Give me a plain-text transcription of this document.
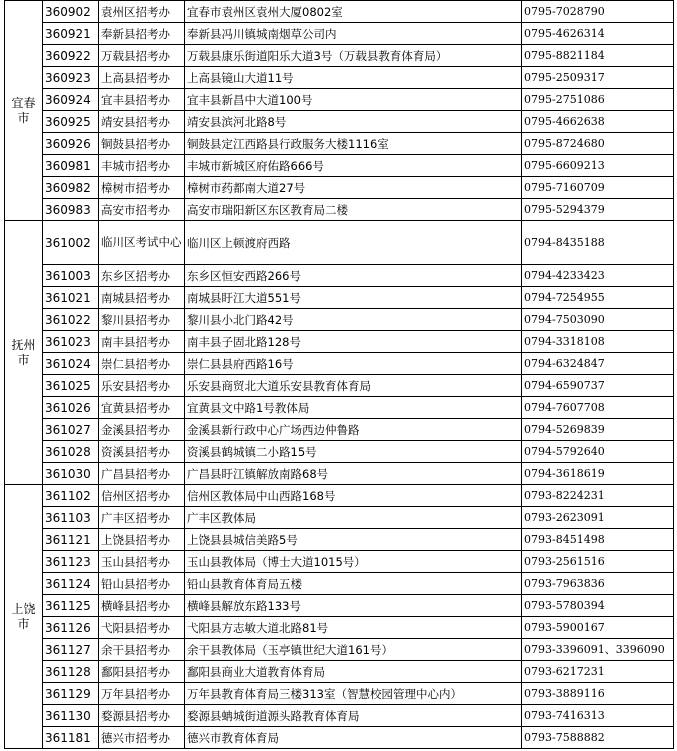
宜春市	360902	袁州区招考办	宜春市袁州区袁州大厦0802室	0795-7028790
	360921	奉新县招考办	奉新县冯川镇城南烟草公司内	0795-4626314
	360922	万载县招考办	万载县康乐街道阳乐大道3号（万载县教育体育局）	0795-8821184
	360923	上高县招考办	上高县镜山大道11号	0795-2509317
	360924	宜丰县招考办	宜丰县新昌中大道100号	0795-2751086
	360925	靖安县招考办	靖安县滨河北路8号	0795-4662638
	360926	铜鼓县招考办	铜鼓县定江西路县行政服务大楼1116室	0795-8724680
	360981	丰城市招考办	丰城市新城区府佑路666号	0795-6609213
	360982	樟树市招考办	樟树市药都南大道27号	0795-7160709
	360983	高安市招考办	高安市瑞阳新区东区教育局二楼	0795-5294379
抚州市	361002	临川区考试中心	临川区上顿渡府西路	0794-8435188
	361003	东乡区招考办	东乡区恒安西路266号	0794-4233423
	361021	南城县招考办	南城县盱江大道551号	0794-7254955
	361022	黎川县招考办	黎川县小北门路42号	0794-7503090
	361023	南丰县招考办	南丰县子固北路128号	0794-3318108
	361024	崇仁县招考办	崇仁县县府西路16号	0794-6324847
	361025	乐安县招考办	乐安县商贸北大道乐安县教育体育局	0794-6590737
	361026	宜黄县招考办	宜黄县文中路1号教体局	0794-7607708
	361027	金溪县招考办	金溪县新行政中心广场西边仲鲁路	0794-5269839
	361028	资溪县招考办	资溪县鹤城镇二小路15号	0794-5792640
	361030	广昌县招考办	广昌县盱江镇解放南路68号	0794-3618619
上饶市	361102	信州区招考办	信州区教体局中山西路168号	0793-8224231
	361103	广丰区招考办	广丰区教体局	0793-2623091
	361121	上饶县招考办	上饶县县城信美路5号	0793-8451498
	361123	玉山县招考办	玉山县教体局（博士大道1015号）	0793-2561516
	361124	铅山县招考办	铅山县教育体育局五楼	0793-7963836
	361125	横峰县招考办	横峰县解放东路133号	0793-5780394
	361126	弋阳县招考办	弋阳县方志敏大道北路81号	0793-5900167
	361127	余干县招考办	余干县教体局（玉亭镇世纪大道161号）	0793-3396091、3396090
	361128	鄱阳县招考办	鄱阳县商业大道教育体育局	0793-6217231
	361129	万年县招考办	万年县教育体育局三楼313室（智慧校园管理中心内）	0793-3889116
	361130	婺源县招考办	婺源县蚺城街道源头路教育体育局	0793-7416313
	361181	德兴市招考办	德兴市教育体育局	0793-7588882
